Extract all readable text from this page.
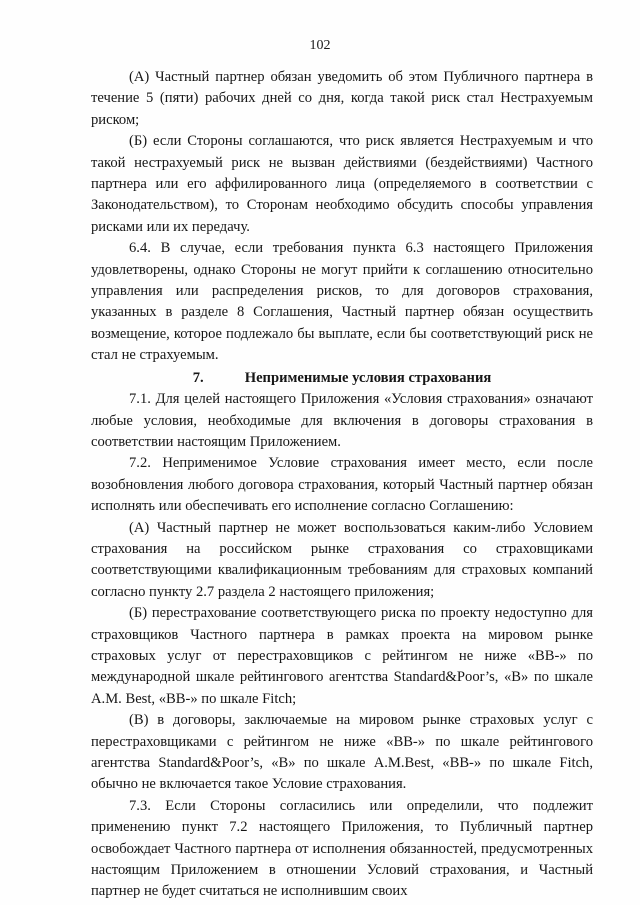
102

(А) Частный партнер обязан уведомить об этом Публичного партнера в течение 5 (пяти) рабочих дней со дня, когда такой риск стал Нестрахуемым риском;

(Б) если Стороны соглашаются, что риск является Нестрахуемым и что такой нестрахуемый риск не вызван действиями (бездействиями) Частного партнера или его аффилированного лица (определяемого в соответствии с Законодательством), то Сторонам необходимо обсудить способы управления рисками или их передачу.

6.4. В случае, если требования пункта 6.3 настоящего Приложения удовлетворены, однако Стороны не могут прийти к соглашению относительно управления или распределения рисков, то для договоров страхования, указанных в разделе 8 Соглашения, Частный партнер обязан осуществить возмещение, которое подлежало бы выплате, если бы соответствующий риск не стал не страхуемым.

7.	Неприменимые условия страхования

7.1. Для целей настоящего Приложения «Условия страхования» означают любые условия, необходимые для включения в договоры страхования в соответствии настоящим Приложением.

7.2. Неприменимое Условие страхования имеет место, если после возобновления любого договора страхования, который Частный партнер обязан исполнять или обеспечивать его исполнение согласно Соглашению:

(А) Частный партнер не может воспользоваться каким-либо Условием страхования на российском рынке страхования со страховщиками соответствующими квалификационным требованиям для страховых компаний согласно пункту 2.7 раздела 2 настоящего приложения;

(Б) перестрахование соответствующего риска по проекту недоступно для страховщиков Частного партнера в рамках проекта на мировом рынке страховых услуг от перестраховщиков с рейтингом не ниже «BB-» по международной шкале рейтингового агентства Standard&Poor’s, «B» по шкале A.M. Best, «BB-» по шкале Fitch;

(В) в договоры, заключаемые на мировом рынке страховых услуг с перестраховщиками с рейтингом не ниже «BB-» по шкале рейтингового агентства Standard&Poor’s, «B» по шкале A.M.Best, «BB-» по шкале Fitch, обычно не включается такое Условие страхования.

7.3. Если Стороны согласились или определили, что подлежит применению пункт 7.2 настоящего Приложения, то Публичный партнер освобождает Частного партнера от исполнения обязанностей, предусмотренных настоящим Приложением в отношении Условий страхования, и Частный партнер не будет считаться не исполнившим своих
